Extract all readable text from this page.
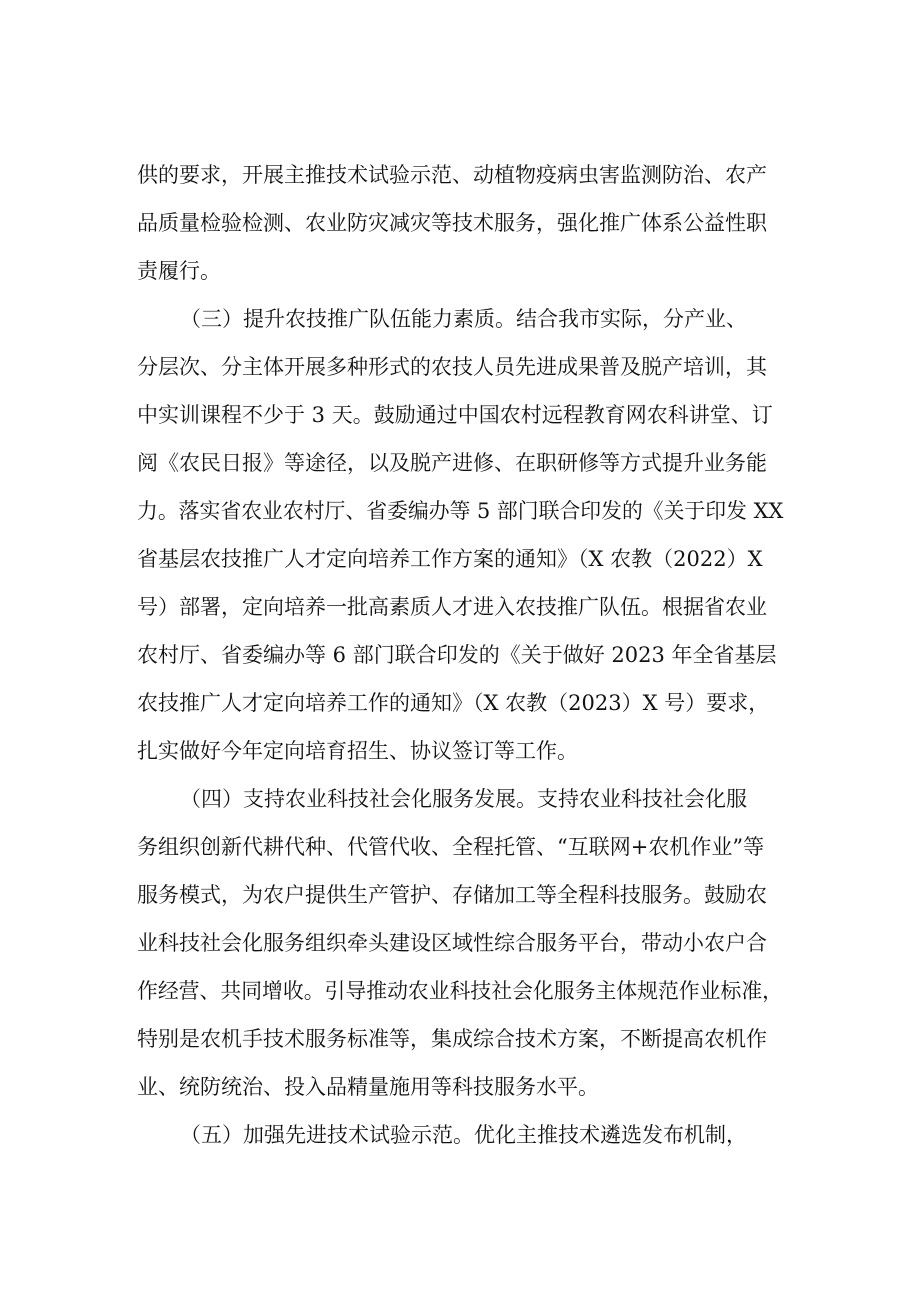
供的要求，开展主推技术试验示范、动植物疫病虫害监测防治、农产
品质量检验检测、农业防灾减灾等技术服务，强化推广体系公益性职
责履行。
（三）提升农技推广队伍能力素质。结合我市实际，分产业、
分层次、分主体开展多种形式的农技人员先进成果普及脱产培训，其
中实训课程不少于 3 天。鼓励通过中国农村远程教育网农科讲堂、订
阅《农民日报》等途径，以及脱产进修、在职研修等方式提升业务能
力。落实省农业农村厅、省委编办等 5 部门联合印发的《关于印发 XX
省基层农技推广人才定向培养工作方案的通知》（X 农教（2022）X
号）部署，定向培养一批高素质人才进入农技推广队伍。根据省农业
农村厅、省委编办等 6 部门联合印发的《关于做好 2023 年全省基层
农技推广人才定向培养工作的通知》（X 农教（2023）X 号）要求，
扎实做好今年定向培育招生、协议签订等工作。
（四）支持农业科技社会化服务发展。支持农业科技社会化服
务组织创新代耕代种、代管代收、全程托管、“互联网+农机作业”等
服务模式，为农户提供生产管护、存储加工等全程科技服务。鼓励农
业科技社会化服务组织牵头建设区域性综合服务平台，带动小农户合
作经营、共同增收。引导推动农业科技社会化服务主体规范作业标准，
特别是农机手技术服务标准等，集成综合技术方案，不断提高农机作
业、统防统治、投入品精量施用等科技服务水平。
（五）加强先进技术试验示范。优化主推技术遴选发布机制，
